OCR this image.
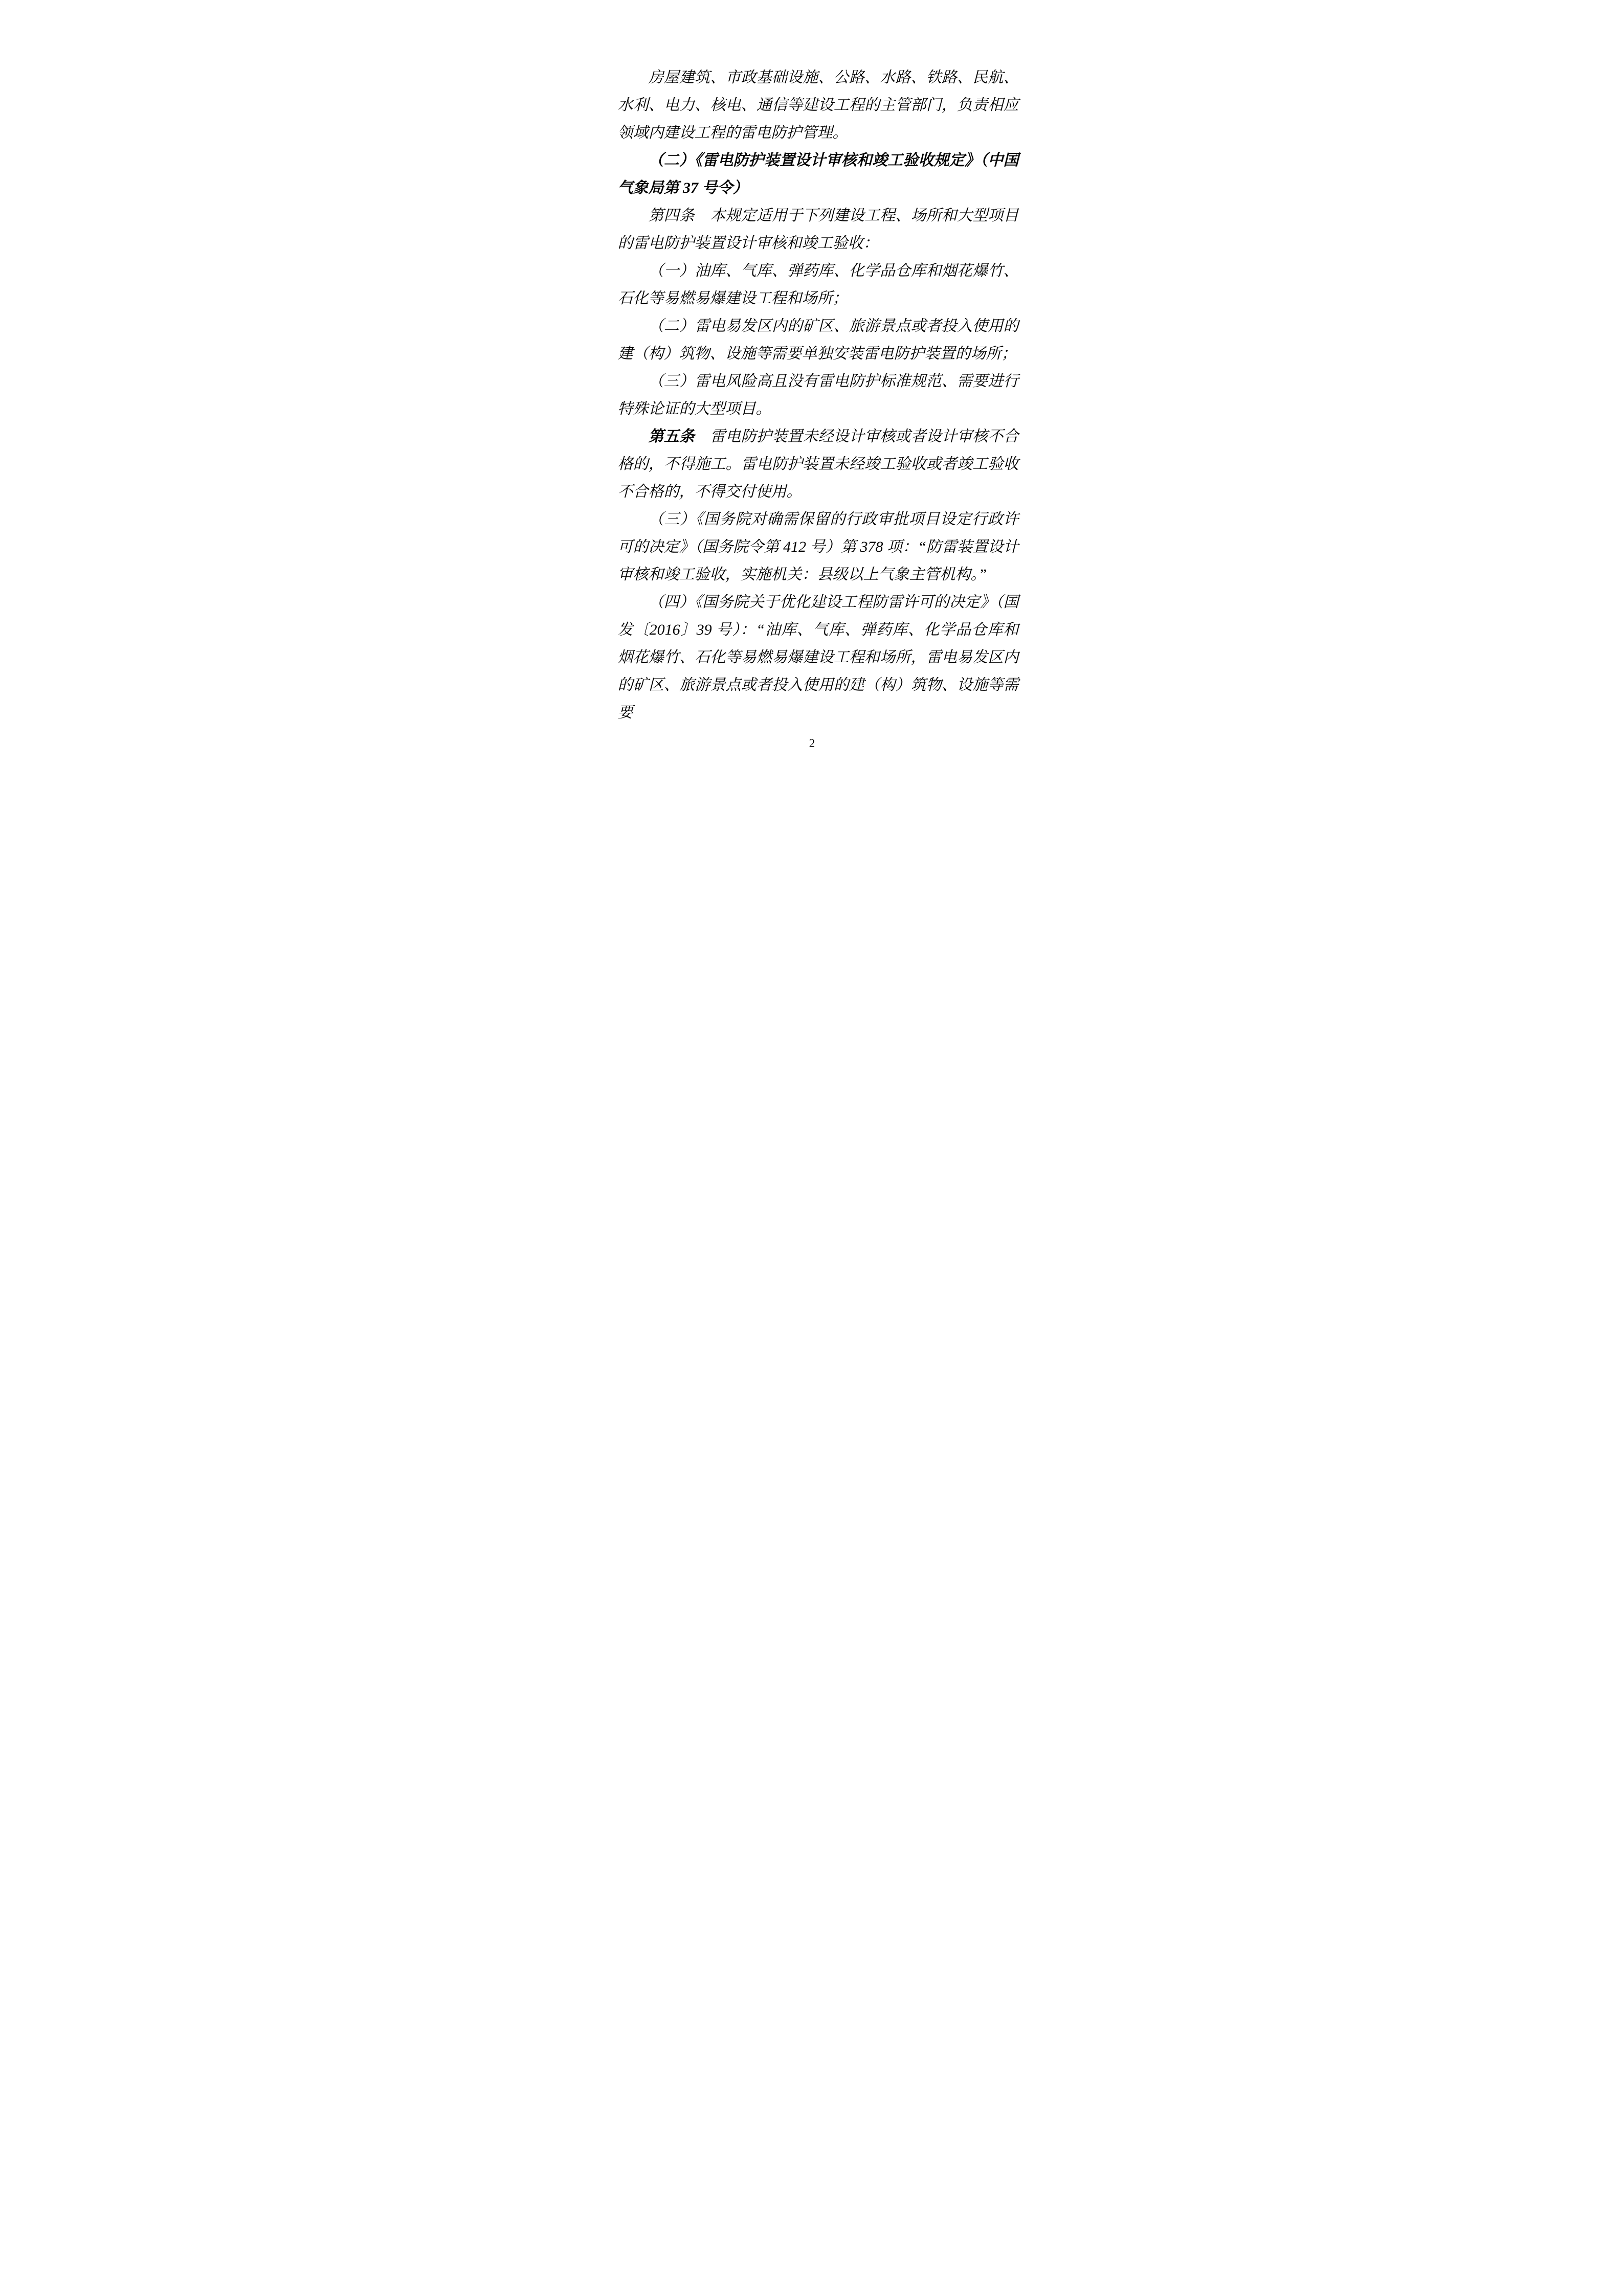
房屋建筑、市政基础设施、公路、水路、铁路、民航、水利、电力、核电、通信等建设工程的主管部门，负责相应领域内建设工程的雷电防护管理。

（二）《雷电防护装置设计审核和竣工验收规定》（中国气象局第 37 号令）

第四条　本规定适用于下列建设工程、场所和大型项目的雷电防护装置设计审核和竣工验收：

（一）油库、气库、弹药库、化学品仓库和烟花爆竹、石化等易燃易爆建设工程和场所；

（二）雷电易发区内的矿区、旅游景点或者投入使用的建（构）筑物、设施等需要单独安装雷电防护装置的场所；

（三）雷电风险高且没有雷电防护标准规范、需要进行特殊论证的大型项目。

第五条　雷电防护装置未经设计审核或者设计审核不合格的，不得施工。雷电防护装置未经竣工验收或者竣工验收不合格的，不得交付使用。

（三）《国务院对确需保留的行政审批项目设定行政许可的决定》（国务院令第 412 号）第 378 项：“防雷装置设计审核和竣工验收，实施机关：县级以上气象主管机构。”

（四）《国务院关于优化建设工程防雷许可的决定》（国发〔2016〕39 号）：“油库、气库、弹药库、化学品仓库和烟花爆竹、石化等易燃易爆建设工程和场所，雷电易发区内的矿区、旅游景点或者投入使用的建（构）筑物、设施等需要

2
